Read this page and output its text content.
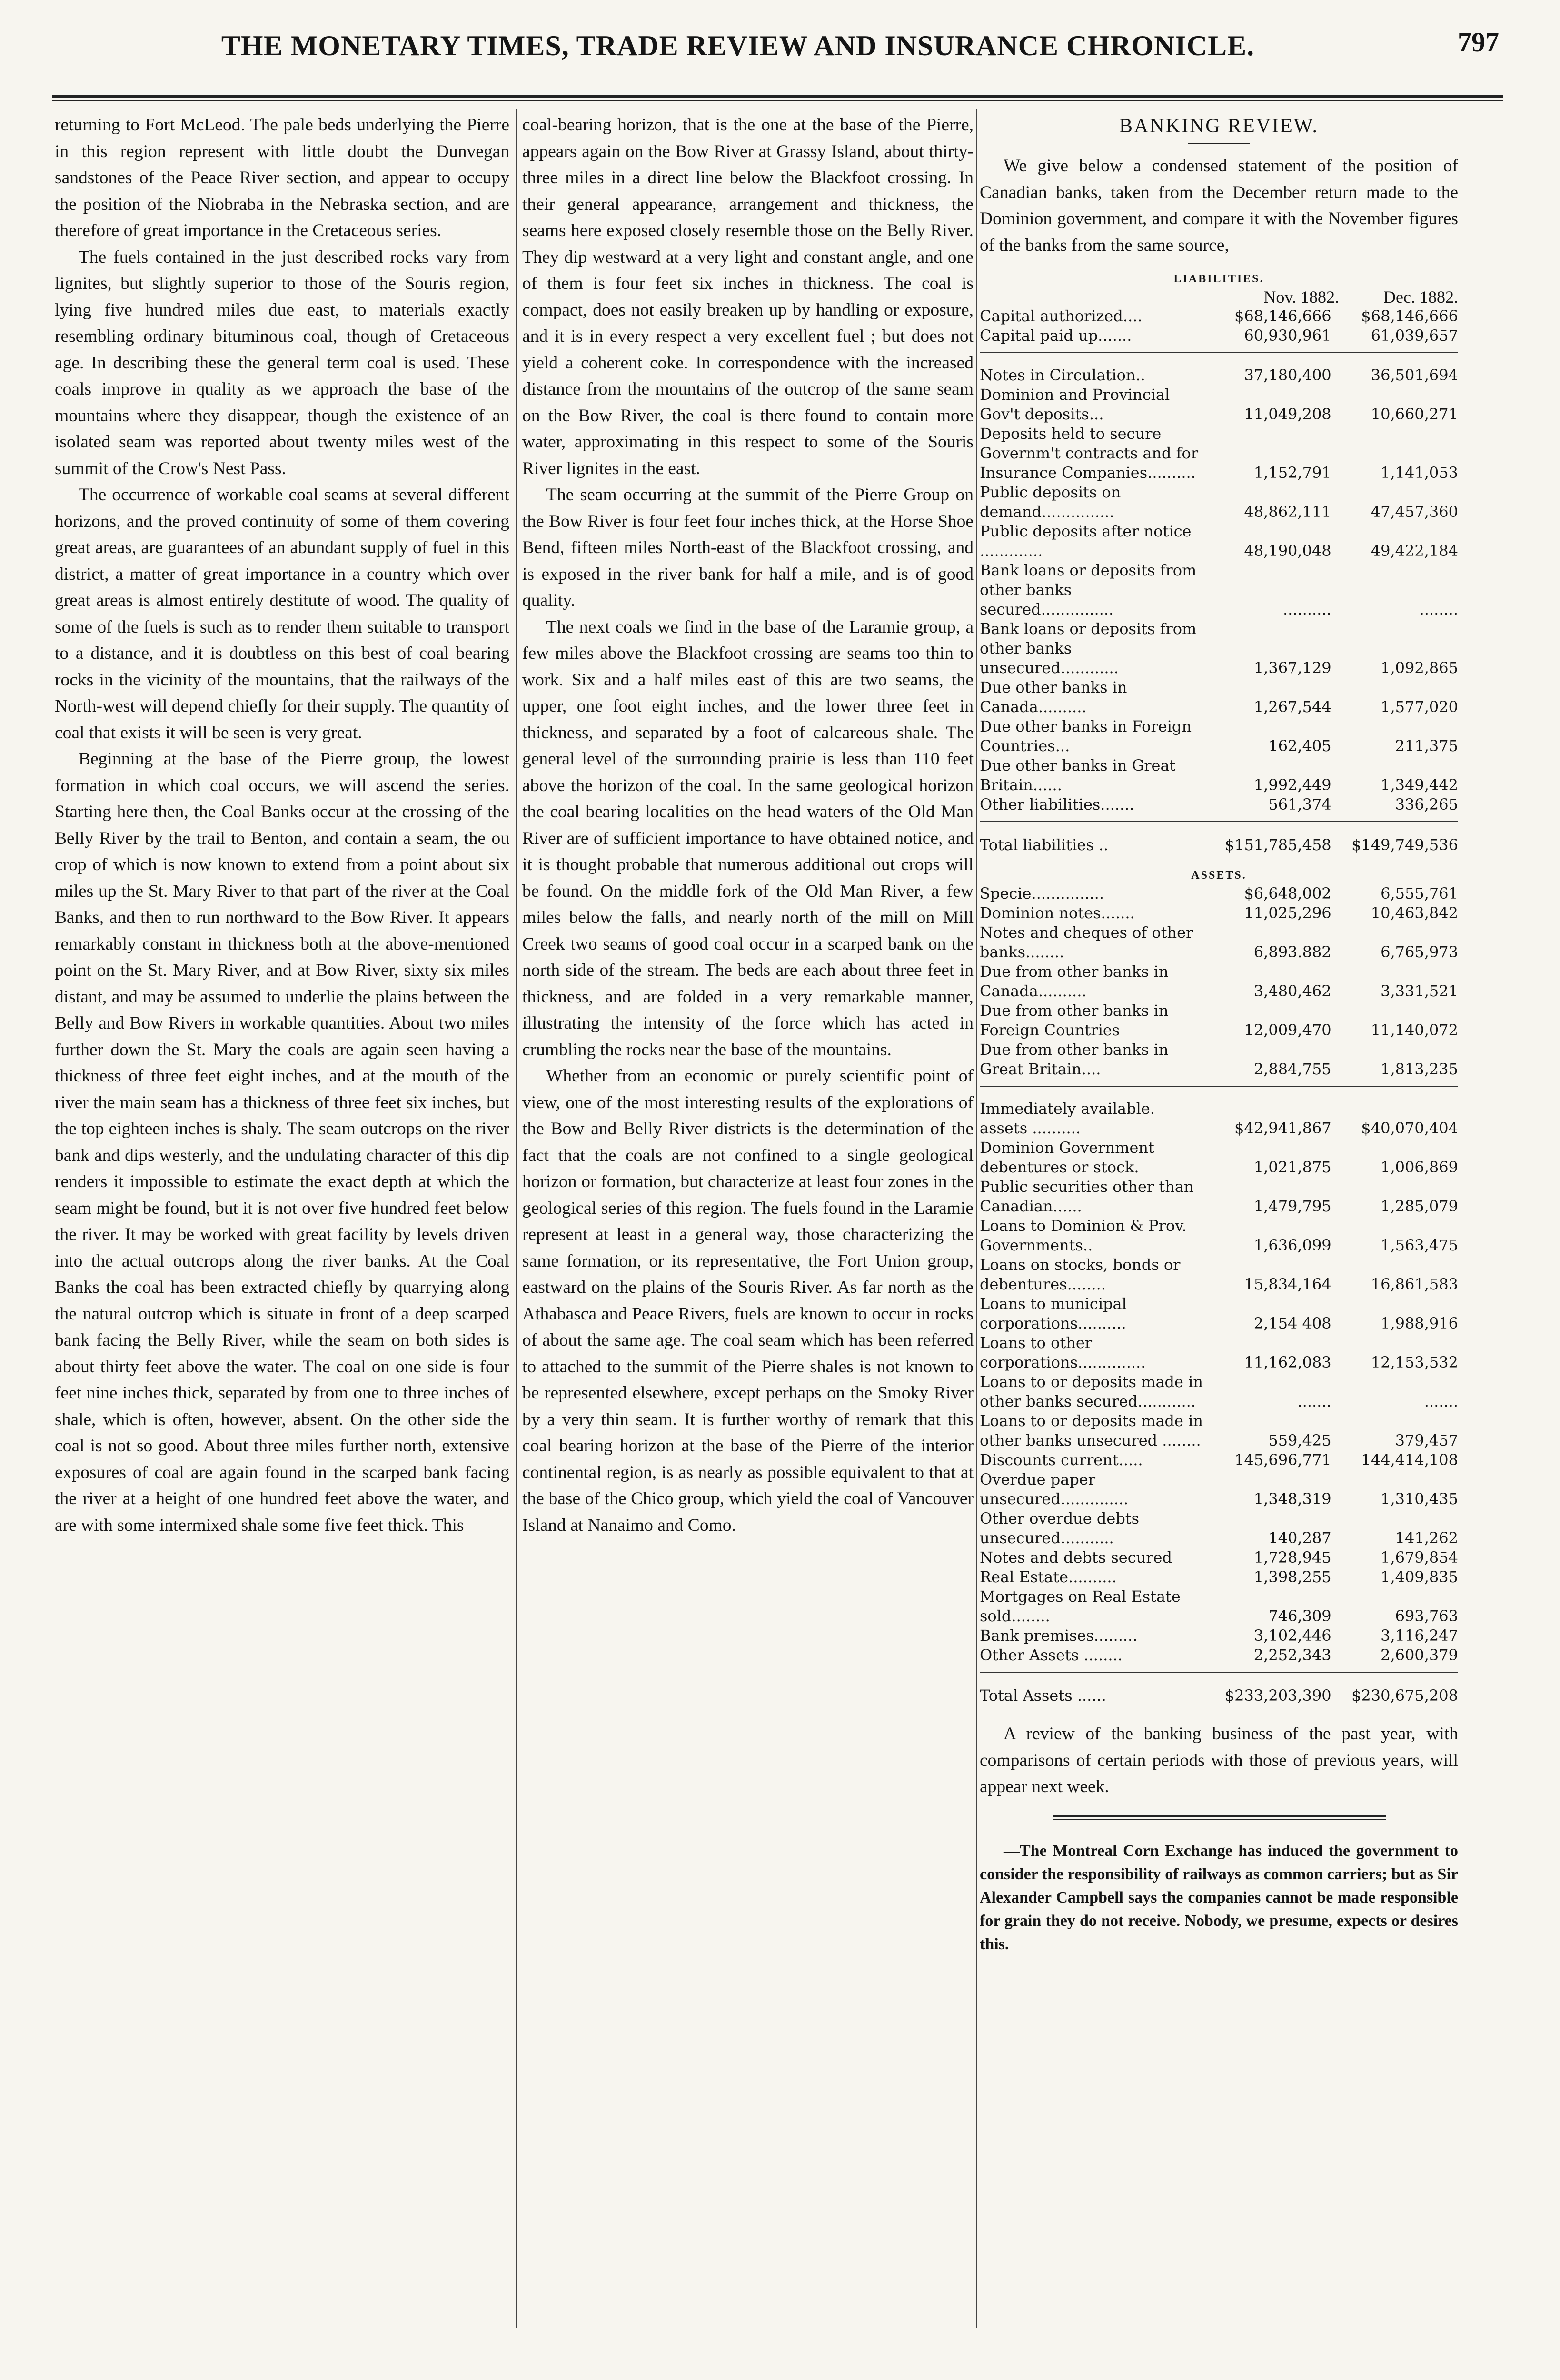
THE MONETARY TIMES, TRADE REVIEW AND INSURANCE CHRONICLE.	797

returning to Fort McLeod. The pale beds underlying the Pierre in this region represent with little doubt the Dunvegan sandstones of the Peace River section, and appear to occupy the position of the Niobraba in the Nebraska section, and are therefore of great importance in the Cretaceous series.

The fuels contained in the just described rocks vary from lignites, but slightly superior to those of the Souris region, lying five hundred miles due east, to materials exactly resembling ordinary bituminous coal, though of Cretaceous age. In describing these the general term coal is used. These coals improve in quality as we approach the base of the mountains where they disappear, though the existence of an isolated seam was reported about twenty miles west of the summit of the Crow's Nest Pass.

The occurrence of workable coal seams at several different horizons, and the proved continuity of some of them covering great areas, are guarantees of an abundant supply of fuel in this district, a matter of great importance in a country which over great areas is almost entirely destitute of wood. The quality of some of the fuels is such as to render them suitable to transport to a distance, and it is doubtless on this best of coal bearing rocks in the vicinity of the mountains, that the railways of the North-west will depend chiefly for their supply. The quantity of coal that exists it will be seen is very great.

Beginning at the base of the Pierre group, the lowest formation in which coal occurs, we will ascend the series. Starting here then, the Coal Banks occur at the crossing of the Belly River by the trail to Benton, and contain a seam, the ou crop of which is now known to extend from a point about six miles up the St. Mary River to that part of the river at the Coal Banks, and then to run northward to the Bow River. It appears remarkably constant in thickness both at the above-mentioned point on the St. Mary River, and at Bow River, sixty six miles distant, and may be assumed to underlie the plains between the Belly and Bow Rivers in workable quantities. About two miles further down the St. Mary the coals are again seen having a thickness of three feet eight inches, and at the mouth of the river the main seam has a thickness of three feet six inches, but the top eighteen inches is shaly. The seam outcrops on the river bank and dips westerly, and the undulating character of this dip renders it impossible to estimate the exact depth at which the seam might be found, but it is not over five hundred feet below the river. It may be worked with great facility by levels driven into the actual outcrops along the river banks. At the Coal Banks the coal has been extracted chiefly by quarrying along the natural outcrop which is situate in front of a deep scarped bank facing the Belly River, while the seam on both sides is about thirty feet above the water. The coal on one side is four feet nine inches thick, separated by from one to three inches of shale, which is often, however, absent. On the other side the coal is not so good. About three miles further north, extensive exposures of coal are again found in the scarped bank facing the river at a height of one hundred feet above the water, and are with some intermixed shale some five feet thick. This

coal-bearing horizon, that is the one at the base of the Pierre, appears again on the Bow River at Grassy Island, about thirty-three miles in a direct line below the Blackfoot crossing. In their general appearance, arrangement and thickness, the seams here exposed closely resemble those on the Belly River. They dip westward at a very light and constant angle, and one of them is four feet six inches in thickness. The coal is compact, does not easily breaken up by handling or exposure, and it is in every respect a very excellent fuel ; but does not yield a coherent coke. In correspondence with the increased distance from the mountains of the outcrop of the same seam on the Bow River, the coal is there found to contain more water, approximating in this respect to some of the Souris River lignites in the east.

The seam occurring at the summit of the Pierre Group on the Bow River is four feet four inches thick, at the Horse Shoe Bend, fifteen miles North-east of the Blackfoot crossing, and is exposed in the river bank for half a mile, and is of good quality.

The next coals we find in the base of the Laramie group, a few miles above the Blackfoot crossing are seams too thin to work. Six and a half miles east of this are two seams, the upper, one foot eight inches, and the lower three feet in thickness, and separated by a foot of calcareous shale. The general level of the surrounding prairie is less than 110 feet above the horizon of the coal. In the same geological horizon the coal bearing localities on the head waters of the Old Man River are of sufficient importance to have obtained notice, and it is thought probable that numerous additional out crops will be found. On the middle fork of the Old Man River, a few miles below the falls, and nearly north of the mill on Mill Creek two seams of good coal occur in a scarped bank on the north side of the stream. The beds are each about three feet in thickness, and are folded in a very remarkable manner, illustrating the intensity of the force which has acted in crumbling the rocks near the base of the mountains.

Whether from an economic or purely scientific point of view, one of the most interesting results of the explorations of the Bow and Belly River districts is the determination of the fact that the coals are not confined to a single geological horizon or formation, but characterize at least four zones in the geological series of this region. The fuels found in the Laramie represent at least in a general way, those characterizing the same formation, or its representative, the Fort Union group, eastward on the plains of the Souris River. As far north as the Athabasca and Peace Rivers, fuels are known to occur in rocks of about the same age. The coal seam which has been referred to attached to the summit of the Pierre shales is not known to be represented elsewhere, except perhaps on the Smoky River by a very thin seam. It is further worthy of remark that this coal bearing horizon at the base of the Pierre of the interior continental region, is as nearly as possible equivalent to that at the base of the Chico group, which yield the coal of Vancouver Island at Nanaimo and Como.

BANKING REVIEW.

We give below a condensed statement of the position of Canadian banks, taken from the December return made to the Dominion government, and compare it with the November figures of the banks from the same source,

LIABILITIES.
Nov. 1882.	Dec. 1882.
Capital authorized....	$68,146,666	$68,146,666
Capital paid up.......	60,930,961	61,039,657

Notes in Circulation..	37,180,400	36,501,694
Dominion and Provincial Gov't deposits...	11,049,208	10,660,271
Deposits held to secure Governm't contracts and for Insurance Companies..........	1,152,791	1,141,053
Public deposits on demand...............	48,862,111	47,457,360
Public deposits after notice .............	48,190,048	49,422,184
Bank loans or deposits from other banks secured...............	..........	........
Bank loans or deposits from other banks unsecured............	1,367,129	1,092,865
Due other banks in Canada..........	1,267,544	1,577,020
Due other banks in Foreign Countries...	162,405	211,375
Due other banks in Great Britain......	1,992,449	1,349,442
Other liabilities.......	561,374	336,265

Total liabilities ..	$151,785,458	$149,749,536
ASSETS.
Specie...............	$6,648,002	6,555,761
Dominion notes.......	11,025,296	10,463,842
Notes and cheques of other banks........	6,893.882	6,765,973
Due from other banks in Canada..........	3,480,462	3,331,521
Due from other banks in Foreign Countries	12,009,470	11,140,072
Due from other banks in Great Britain....	2,884,755	1,813,235

Immediately available. assets ..........	$42,941,867	$40,070,404
Dominion Government debentures or stock.	1,021,875	1,006,869
Public securities other than Canadian......	1,479,795	1,285,079
Loans to Dominion & Prov. Governments..	1,636,099	1,563,475
Loans on stocks, bonds or debentures........	15,834,164	16,861,583
Loans to municipal corporations..........	2,154 408	1,988,916
Loans to other corporations..............	11,162,083	12,153,532
Loans to or deposits made in other banks secured............	.......	.......
Loans to or deposits made in other banks unsecured ........	559,425	379,457
Discounts current.....	145,696,771	144,414,108
Overdue paper unsecured..............	1,348,319	1,310,435
Other overdue debts unsecured...........	140,287	141,262
Notes and debts secured	1,728,945	1,679,854
Real Estate..........	1,398,255	1,409,835
Mortgages on Real Estate sold........	746,309	693,763
Bank premises.........	3,102,446	3,116,247
Other Assets ........	2,252,343	2,600,379

Total Assets ......	$233,203,390	$230,675,208

A review of the banking business of the past year, with comparisons of certain periods with those of previous years, will appear next week.

—The Montreal Corn Exchange has induced the government to consider the responsibility of railways as common carriers; but as Sir Alexander Campbell says the companies cannot be made responsible for grain they do not receive. Nobody, we presume, expects or desires this.
